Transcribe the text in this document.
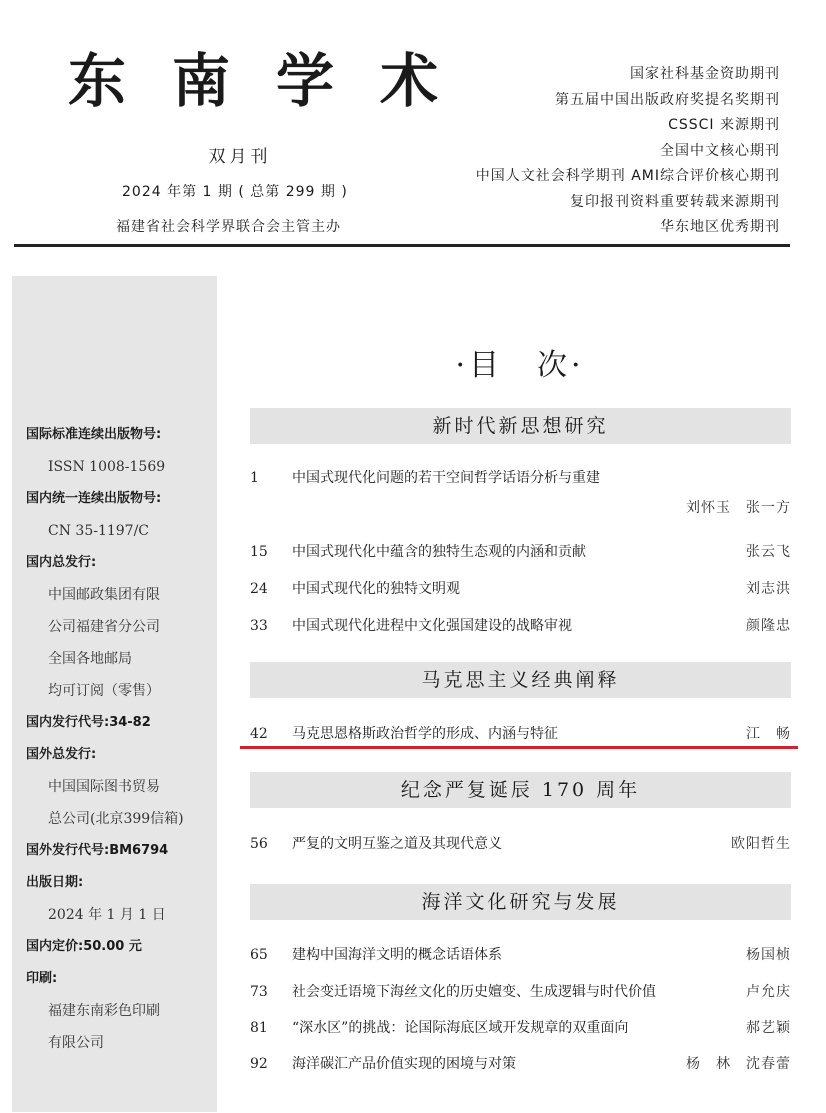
东南学术
双月刊
2024 年第 1 期 ( 总第 299 期 )
福建省社会科学界联合会主管主办
国家社科基金资助期刊
第五届中国出版政府奖提名奖期刊
CSSCI 来源期刊
全国中文核心期刊
中国人文社会科学期刊 AMI综合评价核心期刊
复印报刊资料重要转载来源期刊
华东地区优秀期刊
国际标准连续出版物号:
ISSN 1008-1569
国内统一连续出版物号:
CN 35-1197/C
国内总发行:
中国邮政集团有限
公司福建省分公司
全国各地邮局
均可订阅（零售）
国内发行代号:34-82
国外总发行:
中国国际图书贸易
总公司(北京399信箱)
国外发行代号:BM6794
出版日期:
2024 年 1 月 1 日
国内定价:50.00 元
印刷:
福建东南彩色印刷
有限公司
·目　次·
新时代新思想研究
1 中国式现代化问题的若干空间哲学话语分析与重建
刘怀玉　张一方
15 中国式现代化中蕴含的独特生态观的内涵和贡献	张云飞
24 中国式现代化的独特文明观	刘志洪
33 中国式现代化进程中文化强国建设的战略审视	颜隆忠
马克思主义经典阐释
42 马克思恩格斯政治哲学的形成、内涵与特征	江　畅
纪念严复诞辰 170 周年
56 严复的文明互鉴之道及其现代意义	欧阳哲生
海洋文化研究与发展
65 建构中国海洋文明的概念话语体系	杨国桢
73 社会变迁语境下海丝文化的历史嬗变、生成逻辑与时代价值	卢允庆
81 “深水区”的挑战：论国际海底区域开发规章的双重面向	郝艺颖
92 海洋碳汇产品价值实现的困境与对策	杨　林　沈春蕾
